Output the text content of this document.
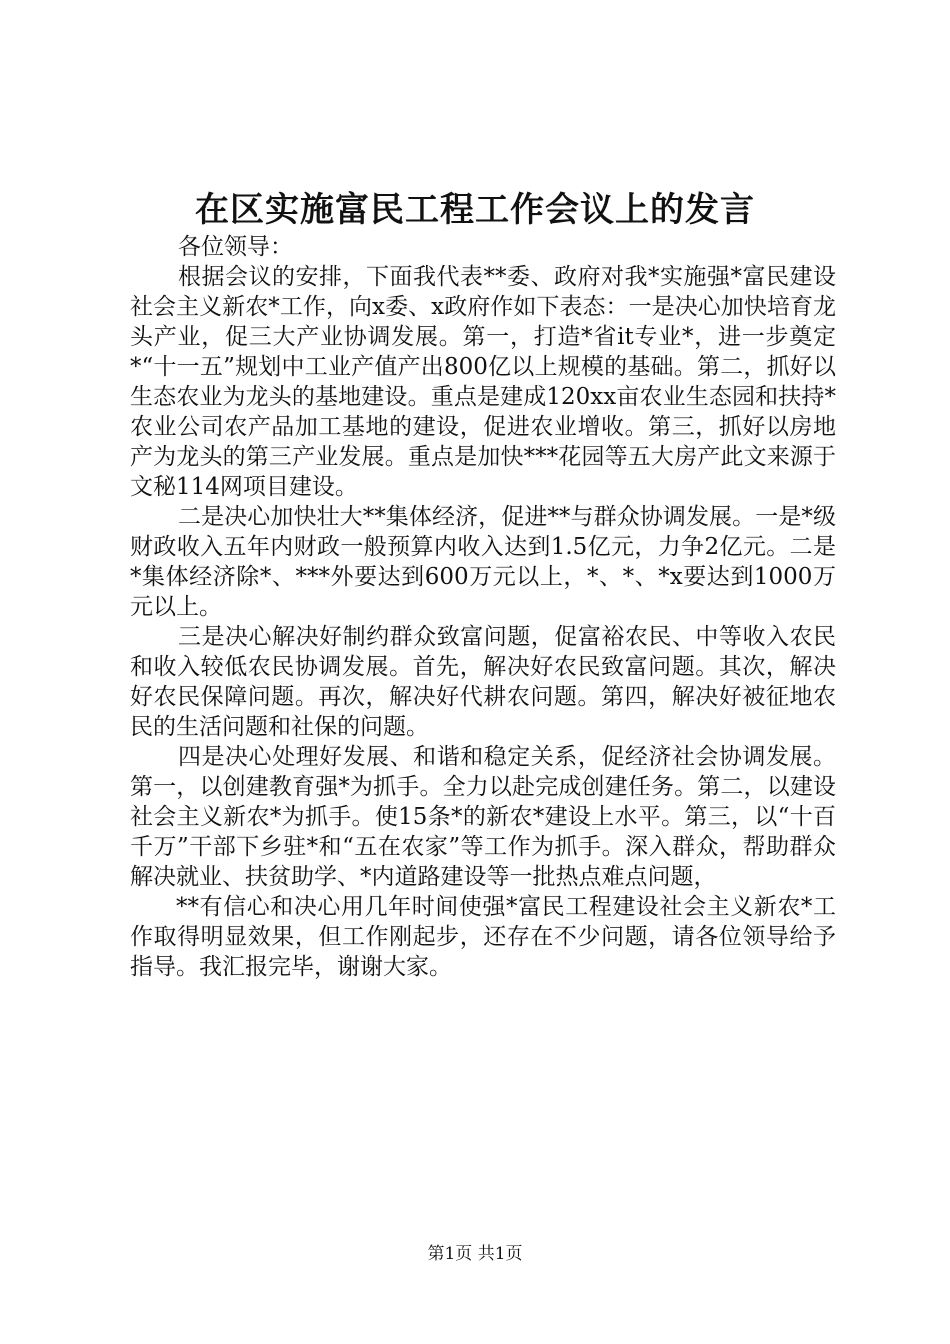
在区实施富民工程工作会议上的发言

各位领导：

根据会议的安排，下面我代表**委、政府对我*实施强*富民建设社会主义新农*工作，向x委、x政府作如下表态：一是决心加快培育龙头产业，促三大产业协调发展。第一，打造*省it专业*，进一步奠定*“十一五”规划中工业产值产出800亿以上规模的基础。第二，抓好以生态农业为龙头的基地建设。重点是建成120xx亩农业生态园和扶持*农业公司农产品加工基地的建设，促进农业增收。第三，抓好以房地产为龙头的第三产业发展。重点是加快***花园等五大房产此文来源于文秘114网项目建设。

二是决心加快壮大**集体经济，促进**与群众协调发展。一是*级财政收入五年内财政一般预算内收入达到1.5亿元，力争2亿元。二是*集体经济除*、***外要达到600万元以上，*、*、*x要达到1000万元以上。

三是决心解决好制约群众致富问题，促富裕农民、中等收入农民和收入较低农民协调发展。首先，解决好农民致富问题。其次，解决好农民保障问题。再次，解决好代耕农问题。第四，解决好被征地农民的生活问题和社保的问题。

四是决心处理好发展、和谐和稳定关系，促经济社会协调发展。第一，以创建教育强*为抓手。全力以赴完成创建任务。第二，以建设社会主义新农*为抓手。使15条*的新农*建设上水平。第三，以“十百千万”干部下乡驻*和“五在农家”等工作为抓手。深入群众，帮助群众解决就业、扶贫助学、*内道路建设等一批热点难点问题，

**有信心和决心用几年时间使强*富民工程建设社会主义新农*工作取得明显效果，但工作刚起步，还存在不少问题，请各位领导给予指导。我汇报完毕，谢谢大家。

第1页 共1页
